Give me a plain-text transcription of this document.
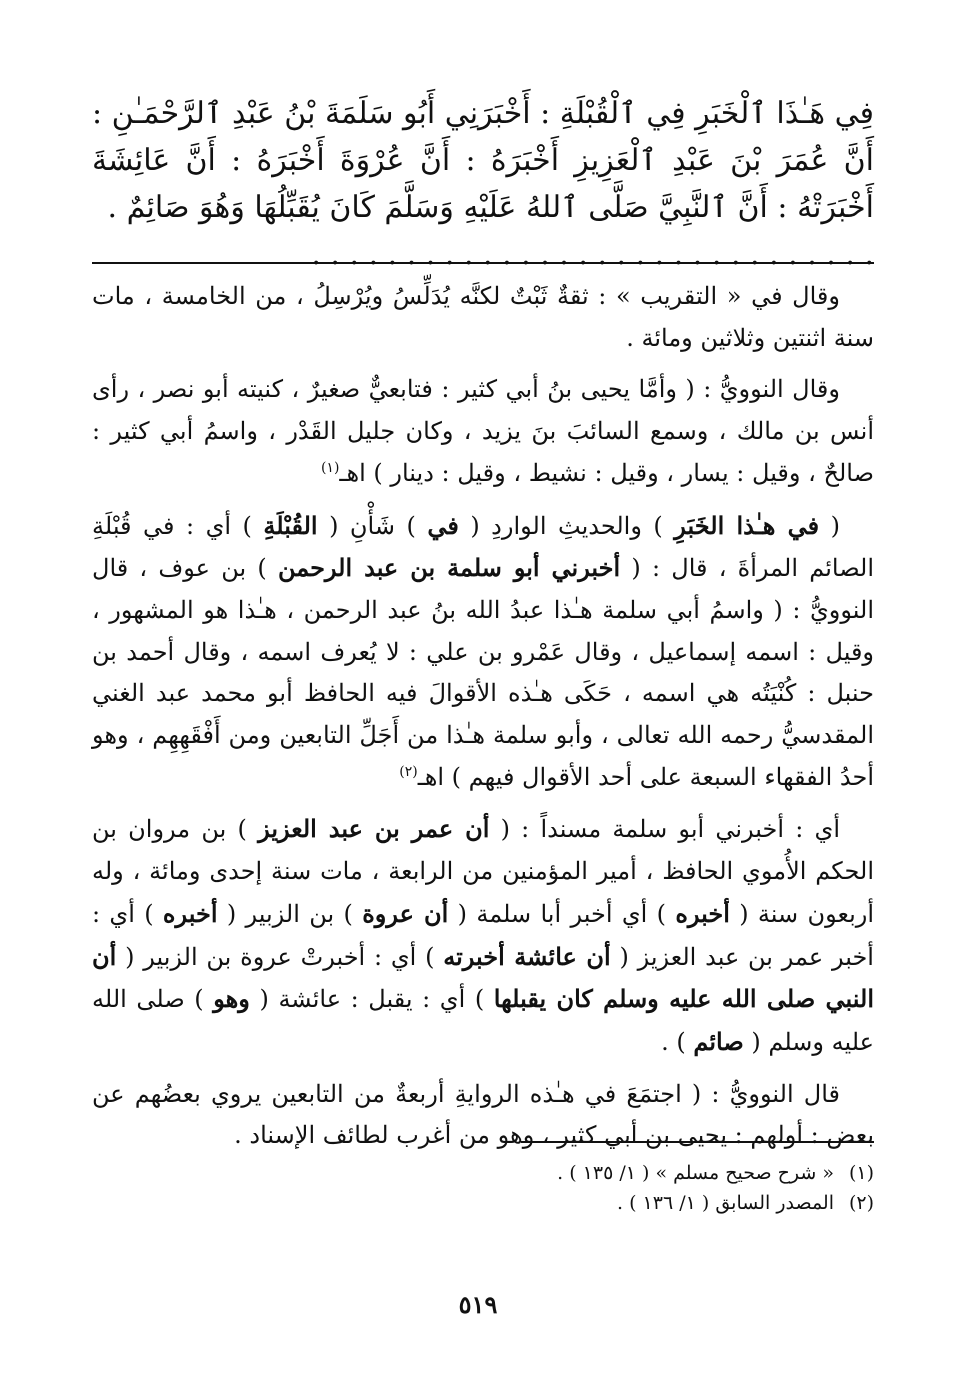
فِي هَـٰذَا ٱلْخَبَرِ فِي ٱلْقُبْلَةِ : أَخْبَرَنِي أَبُو سَلَمَةَ بْنُ عَبْدِ ٱلرَّحْمَـٰنِ : أَنَّ عُمَرَ بْنَ عَبْدِ ٱلْعَزِيزِ أَخْبَرَهُ : أَنَّ عُرْوَةَ أَخْبَرَهُ : أَنَّ عَائِشَةَ أَخْبَرَتْهُ : أَنَّ ٱلنَّبِيَّ صَلَّى ٱللهُ عَلَيْهِ وَسَلَّمَ كَانَ يُقَبِّلُهَا وَهُوَ صَائِمٌ .

. . . . . . . . . . . . . . . . . . . . . . . . . . . . . .

وقال في « التقريب » : ثقةٌ ثَبْتٌ لكنَّه يُدَلِّسُ ويُرْسِلُ ، من الخامسة ، مات سنة اثنتين وثلاثين ومائة .

وقال النوويُّ : ( وأمَّا يحيى بنُ أبي كثير : فتابعيٌّ صغيرٌ ، كنيته أبو نصر ، رأى أنس بن مالك ، وسمع السائبَ بنَ يزيد ، وكان جليل القَدْر ، واسمُ أبي كثير : صالحٌ ، وقيل : يسار ، وقيل : نشيط ، وقيل : دينار ) اهـ$^{(١)}$

( في هـٰذا الخَبَرِ ) والحديثِ الواردِ ( في ) شَأْنِ ( القُبْلَةِ ) أي : في قُبْلَةِ الصائم المرأةَ ، قال : ( أخبرني أبو سلمة بن عبد الرحمن ) بن عوف ، قال النوويُّ : ( واسمُ أبي سلمة هـٰذا عبدُ الله بنُ عبد الرحمن ، هـٰذا هو المشهور ، وقيل : اسمه إسماعيل ، وقال عَمْرو بن علي : لا يُعرف اسمه ، وقال أحمد بن حنبل : كُنْيَتُه هي اسمه ، حَكَى هـٰذه الأقوالَ فيه الحافظ أبو محمد عبد الغني المقدسيُّ رحمه الله تعالى ، وأبو سلمة هـٰذا من أَجَلِّ التابعين ومن أَفْقَهِهِم ، وهو أحدُ الفقهاء السبعة على أحد الأقوال فيهم ) اهـ$^{(٢)}$

أي : أخبرني أبو سلمة مسنداً : ( أن عمر بن عبد العزيز ) بن مروان بن الحكم الأُموي الحافظ ، أمير المؤمنين من الرابعة ، مات سنة إحدى ومائة ، وله أربعون سنة ( أخبره ) أي أخبر أبا سلمة ( أن عروة ) بن الزبير ( أخبره ) أي : أخبر عمر بن عبد العزيز ( أن عائشة أخبرته ) أي : أخبرتْ عروة بن الزبير ( أن النبي صلى الله عليه وسلم كان يقبلها ) أي : يقبل : عائشة ( وهو ) صلى الله عليه وسلم ( صائم ) .

قال النوويُّ : ( اجتمَعَ في هـٰذه الروايةِ أربعةٌ من التابعين يروي بعضُهم عن بعض : أولهم : يحيى بن أبي كثير ، وهو من أغرب لطائف الإسناد .

(١)« شرح صحيح مسلم » ( ١/ ١٣٥ ) .

(٢)المصدر السابق ( ١/ ١٣٦ ) .

٥١٩
